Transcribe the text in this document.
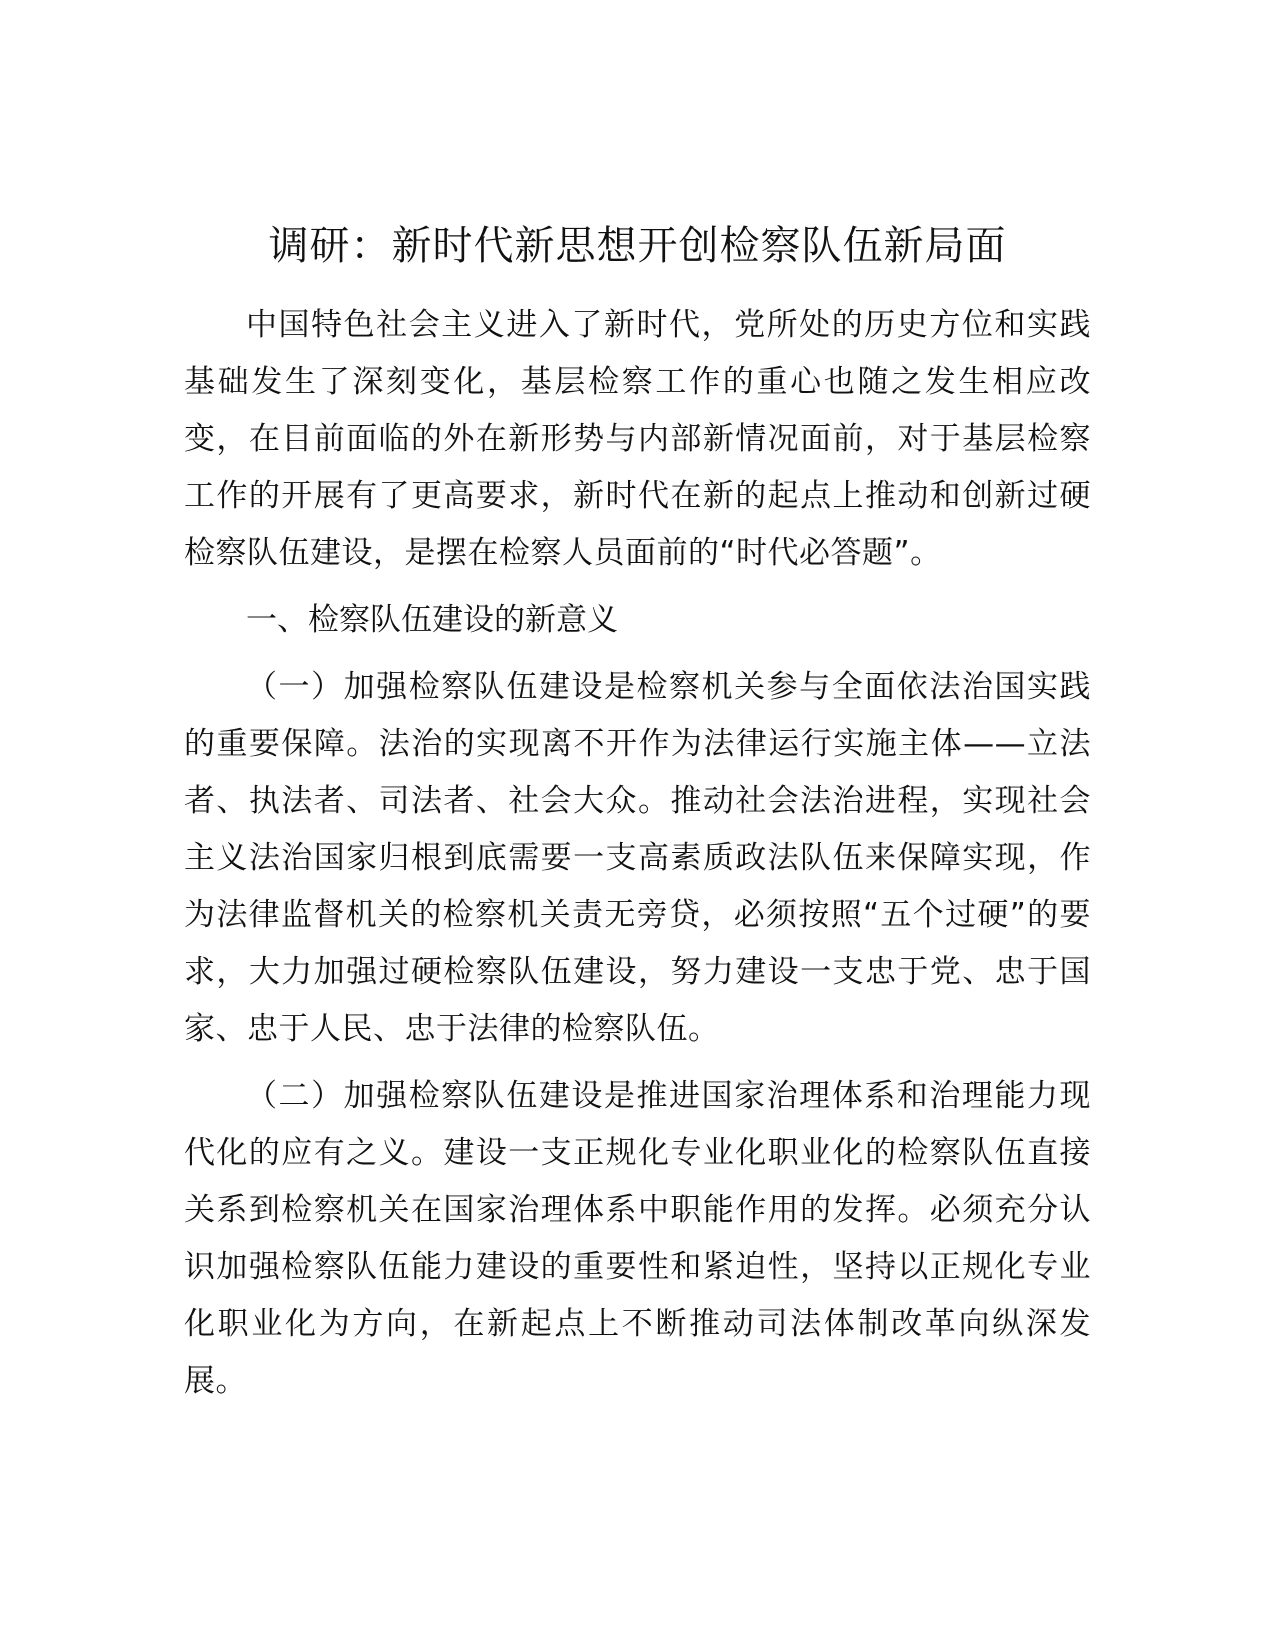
调研：新时代新思想开创检察队伍新局面

中国特色社会主义进入了新时代，党所处的历史方位和实践基础发生了深刻变化，基层检察工作的重心也随之发生相应改变，在目前面临的外在新形势与内部新情况面前，对于基层检察工作的开展有了更高要求，新时代在新的起点上推动和创新过硬检察队伍建设，是摆在检察人员面前的“时代必答题”。

一、检察队伍建设的新意义

（一）加强检察队伍建设是检察机关参与全面依法治国实践的重要保障。法治的实现离不开作为法律运行实施主体——立法者、执法者、司法者、社会大众。推动社会法治进程，实现社会主义法治国家归根到底需要一支高素质政法队伍来保障实现，作为法律监督机关的检察机关责无旁贷，必须按照“五个过硬”的要求，大力加强过硬检察队伍建设，努力建设一支忠于党、忠于国家、忠于人民、忠于法律的检察队伍。

（二）加强检察队伍建设是推进国家治理体系和治理能力现代化的应有之义。建设一支正规化专业化职业化的检察队伍直接关系到检察机关在国家治理体系中职能作用的发挥。必须充分认识加强检察队伍能力建设的重要性和紧迫性，坚持以正规化专业化职业化为方向，在新起点上不断推动司法体制改革向纵深发展。
